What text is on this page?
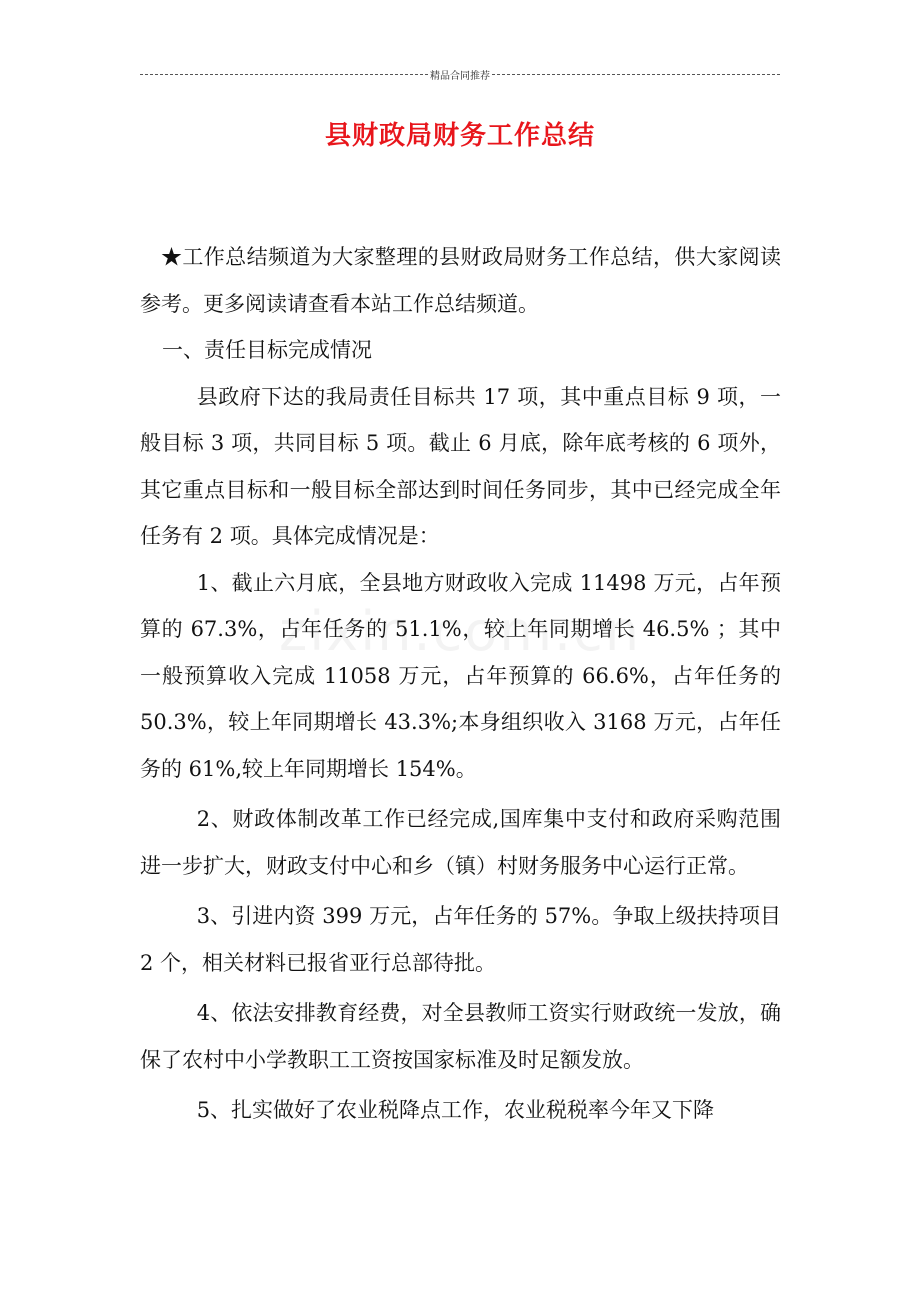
精品合同推荐
县财政局财务工作总结

★工作总结频道为大家整理的县财政局财务工作总结，供大家阅读参考。更多阅读请查看本站工作总结频道。

一、责任目标完成情况

县政府下达的我局责任目标共 17 项，其中重点目标 9 项，一般目标 3 项，共同目标 5 项。截止 6 月底，除年底考核的 6 项外，其它重点目标和一般目标全部达到时间任务同步，其中已经完成全年任务有 2 项。具体完成情况是：

1、截止六月底，全县地方财政收入完成 11498 万元，占年预算的 67.3%，占年任务的 51.1%，较上年同期增长 46.5% ；其中一般预算收入完成 11058 万元，占年预算的 66.6%，占年任务的 50.3%，较上年同期增长 43.3%;本身组织收入 3168 万元，占年任务的 61%,较上年同期增长 154%。

2、财政体制改革工作已经完成,国库集中支付和政府采购范围进一步扩大，财政支付中心和乡（镇）村财务服务中心运行正常。

3、引进内资 399 万元，占年任务的 57%。争取上级扶持项目 2 个，相关材料已报省亚行总部待批。

4、依法安排教育经费，对全县教师工资实行财政统一发放，确保了农村中小学教职工工资按国家标准及时足额发放。

5、扎实做好了农业税降点工作，农业税税率今年又下降
